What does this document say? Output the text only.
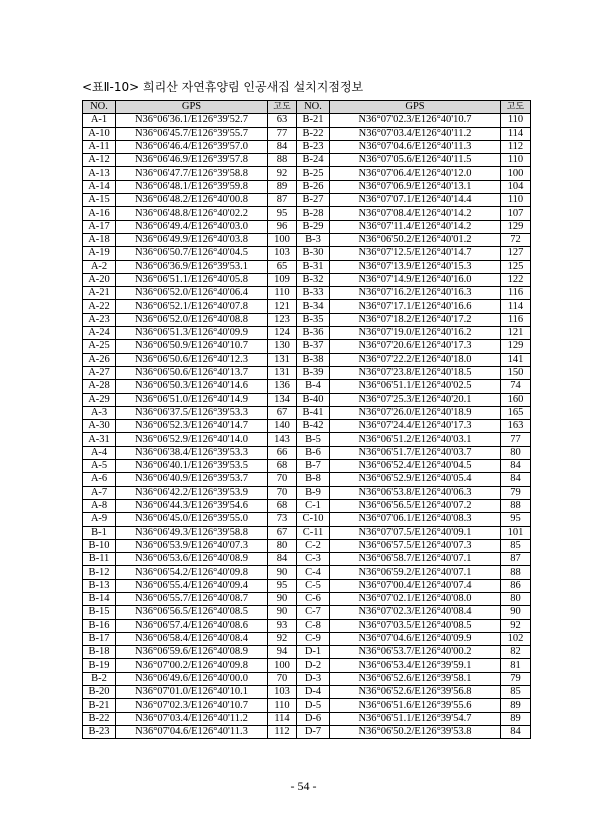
<표Ⅱ-10> 희리산 자연휴양림 인공새집 설치지점정보
NO.	GPS	고도	NO.	GPS	고도
A-1	N36°06'36.1/E126°39'52.7	63	B-21	N36°07'02.3/E126°40'10.7	110
A-10	N36°06'45.7/E126°39'55.7	77	B-22	N36°07'03.4/E126°40'11.2	114
A-11	N36°06'46.4/E126°39'57.0	84	B-23	N36°07'04.6/E126°40'11.3	112
A-12	N36°06'46.9/E126°39'57.8	88	B-24	N36°07'05.6/E126°40'11.5	110
A-13	N36°06'47.7/E126°39'58.8	92	B-25	N36°07'06.4/E126°40'12.0	100
A-14	N36°06'48.1/E126°39'59.8	89	B-26	N36°07'06.9/E126°40'13.1	104
A-15	N36°06'48.2/E126°40'00.8	87	B-27	N36°07'07.1/E126°40'14.4	110
A-16	N36°06'48.8/E126°40'02.2	95	B-28	N36°07'08.4/E126°40'14.2	107
A-17	N36°06'49.4/E126°40'03.0	96	B-29	N36°07'11.4/E126°40'14.2	129
A-18	N36°06'49.9/E126°40'03.8	100	B-3	N36°06'50.2/E126°40'01.2	72
A-19	N36°06'50.7/E126°40'04.5	103	B-30	N36°07'12.5/E126°40'14.7	127
A-2	N36°06'36.9/E126°39'53.1	65	B-31	N36°07'13.9/E126°40'15.3	125
A-20	N36°06'51.1/E126°40'05.8	109	B-32	N36°07'14.9/E126°40'16.0	122
A-21	N36°06'52.0/E126°40'06.4	110	B-33	N36°07'16.2/E126°40'16.3	116
A-22	N36°06'52.1/E126°40'07.8	121	B-34	N36°07'17.1/E126°40'16.6	114
A-23	N36°06'52.0/E126°40'08.8	123	B-35	N36°07'18.2/E126°40'17.2	116
A-24	N36°06'51.3/E126°40'09.9	124	B-36	N36°07'19.0/E126°40'16.2	121
A-25	N36°06'50.9/E126°40'10.7	130	B-37	N36°07'20.6/E126°40'17.3	129
A-26	N36°06'50.6/E126°40'12.3	131	B-38	N36°07'22.2/E126°40'18.0	141
A-27	N36°06'50.6/E126°40'13.7	131	B-39	N36°07'23.8/E126°40'18.5	150
A-28	N36°06'50.3/E126°40'14.6	136	B-4	N36°06'51.1/E126°40'02.5	74
A-29	N36°06'51.0/E126°40'14.9	134	B-40	N36°07'25.3/E126°40'20.1	160
A-3	N36°06'37.5/E126°39'53.3	67	B-41	N36°07'26.0/E126°40'18.9	165
A-30	N36°06'52.3/E126°40'14.7	140	B-42	N36°07'24.4/E126°40'17.3	163
A-31	N36°06'52.9/E126°40'14.0	143	B-5	N36°06'51.2/E126°40'03.1	77
A-4	N36°06'38.4/E126°39'53.3	66	B-6	N36°06'51.7/E126°40'03.7	80
A-5	N36°06'40.1/E126°39'53.5	68	B-7	N36°06'52.4/E126°40'04.5	84
A-6	N36°06'40.9/E126°39'53.7	70	B-8	N36°06'52.9/E126°40'05.4	84
A-7	N36°06'42.2/E126°39'53.9	70	B-9	N36°06'53.8/E126°40'06.3	79
A-8	N36°06'44.3/E126°39'54.6	68	C-1	N36°06'56.5/E126°40'07.2	88
A-9	N36°06'45.0/E126°39'55.0	73	C-10	N36°07'06.1/E126°40'08.3	95
B-1	N36°06'49.3/E126°39'58.8	67	C-11	N36°07'07.5/E126°40'09.1	101
B-10	N36°06'53.9/E126°40'07.3	80	C-2	N36°06'57.5/E126°40'07.3	85
B-11	N36°06'53.6/E126°40'08.9	84	C-3	N36°06'58.7/E126°40'07.1	87
B-12	N36°06'54.2/E126°40'09.8	90	C-4	N36°06'59.2/E126°40'07.1	88
B-13	N36°06'55.4/E126°40'09.4	95	C-5	N36°07'00.4/E126°40'07.4	86
B-14	N36°06'55.7/E126°40'08.7	90	C-6	N36°07'02.1/E126°40'08.0	80
B-15	N36°06'56.5/E126°40'08.5	90	C-7	N36°07'02.3/E126°40'08.4	90
B-16	N36°06'57.4/E126°40'08.6	93	C-8	N36°07'03.5/E126°40'08.5	92
B-17	N36°06'58.4/E126°40'08.4	92	C-9	N36°07'04.6/E126°40'09.9	102
B-18	N36°06'59.6/E126°40'08.9	94	D-1	N36°06'53.7/E126°40'00.2	82
B-19	N36°07'00.2/E126°40'09.8	100	D-2	N36°06'53.4/E126°39'59.1	81
B-2	N36°06'49.6/E126°40'00.0	70	D-3	N36°06'52.6/E126°39'58.1	79
B-20	N36°07'01.0/E126°40'10.1	103	D-4	N36°06'52.6/E126°39'56.8	85
B-21	N36°07'02.3/E126°40'10.7	110	D-5	N36°06'51.6/E126°39'55.6	89
B-22	N36°07'03.4/E126°40'11.2	114	D-6	N36°06'51.1/E126°39'54.7	89
B-23	N36°07'04.6/E126°40'11.3	112	D-7	N36°06'50.2/E126°39'53.8	84
- 54 -
